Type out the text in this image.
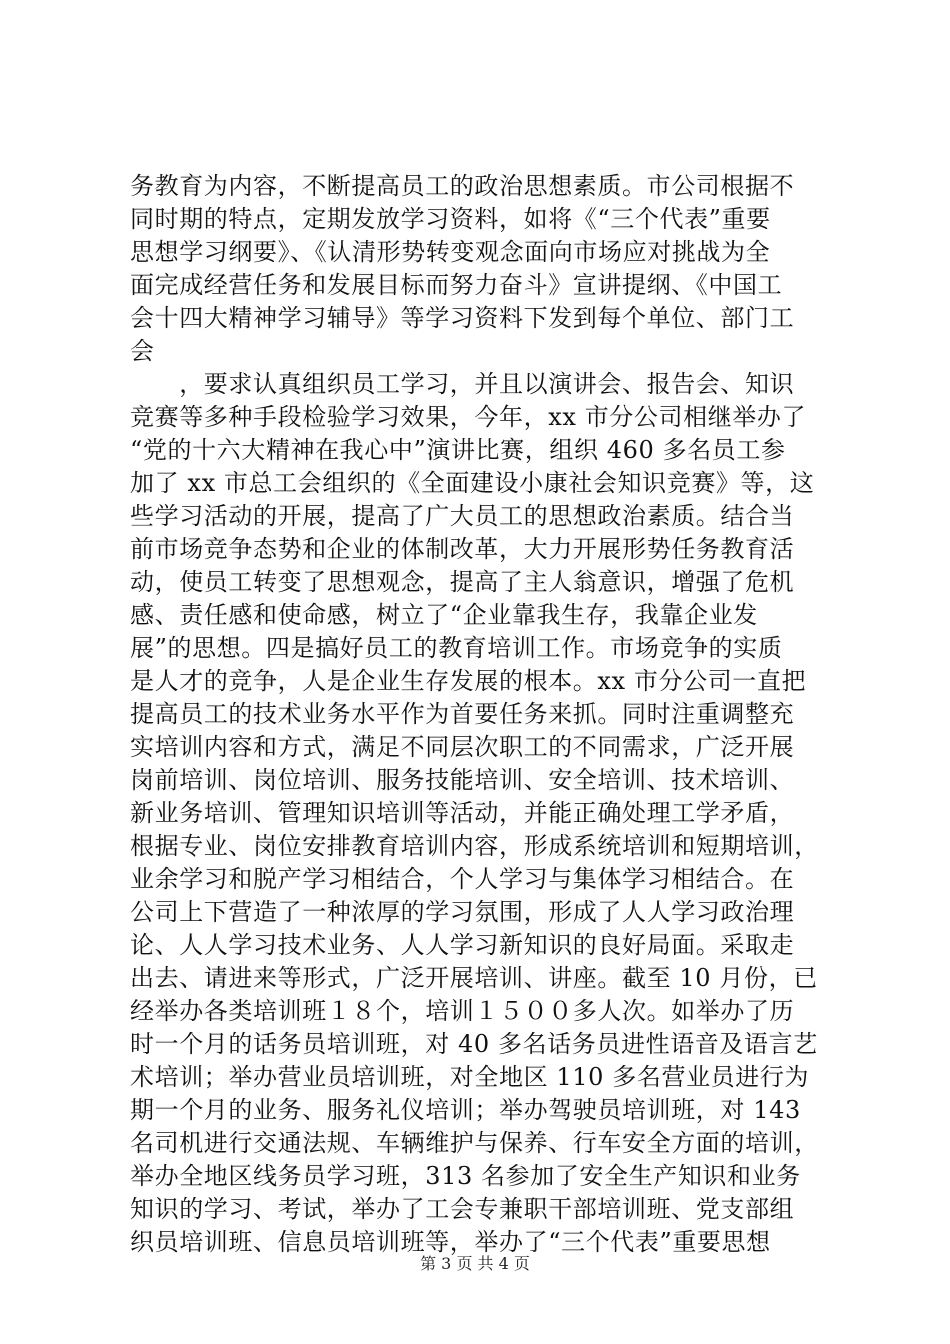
务教育为内容，不断提高员工的政治思想素质。市公司根据不
同时期的特点，定期发放学习资料，如将《“三个代表”重要
思想学习纲要》、《认清形势转变观念面向市场应对挑战为全
面完成经营任务和发展目标而努力奋斗》宣讲提纲、《中国工
会十四大精神学习辅导》等学习资料下发到每个单位、部门工
会
　　，要求认真组织员工学习，并且以演讲会、报告会、知识
竞赛等多种手段检验学习效果，今年，xx 市分公司相继举办了
“党的十六大精神在我心中”演讲比赛，组织 460 多名员工参
加了 xx 市总工会组织的《全面建设小康社会知识竞赛》等，这
些学习活动的开展，提高了广大员工的思想政治素质。结合当
前市场竞争态势和企业的体制改革，大力开展形势任务教育活
动，使员工转变了思想观念，提高了主人翁意识，增强了危机
感、责任感和使命感，树立了“企业靠我生存，我靠企业发
展”的思想。四是搞好员工的教育培训工作。市场竞争的实质
是人才的竞争，人是企业生存发展的根本。xx 市分公司一直把
提高员工的技术业务水平作为首要任务来抓。同时注重调整充
实培训内容和方式，满足不同层次职工的不同需求，广泛开展
岗前培训、岗位培训、服务技能培训、安全培训、技术培训、
新业务培训、管理知识培训等活动，并能正确处理工学矛盾，
根据专业、岗位安排教育培训内容，形成系统培训和短期培训，
业余学习和脱产学习相结合，个人学习与集体学习相结合。在
公司上下营造了一种浓厚的学习氛围，形成了人人学习政治理
论、人人学习技术业务、人人学习新知识的良好局面。采取走
出去、请进来等形式，广泛开展培训、讲座。截至 10 月份，已
经举办各类培训班１８个，培训１５００多人次。如举办了历
时一个月的话务员培训班，对 40 多名话务员进性语音及语言艺
术培训；举办营业员培训班，对全地区 110 多名营业员进行为
期一个月的业务、服务礼仪培训；举办驾驶员培训班，对 143
名司机进行交通法规、车辆维护与保养、行车安全方面的培训，
举办全地区线务员学习班，313 名参加了安全生产知识和业务
知识的学习、考试，举办了工会专兼职干部培训班、党支部组
织员培训班、信息员培训班等，举办了“三个代表”重要思想
第 3 页 共 4 页
